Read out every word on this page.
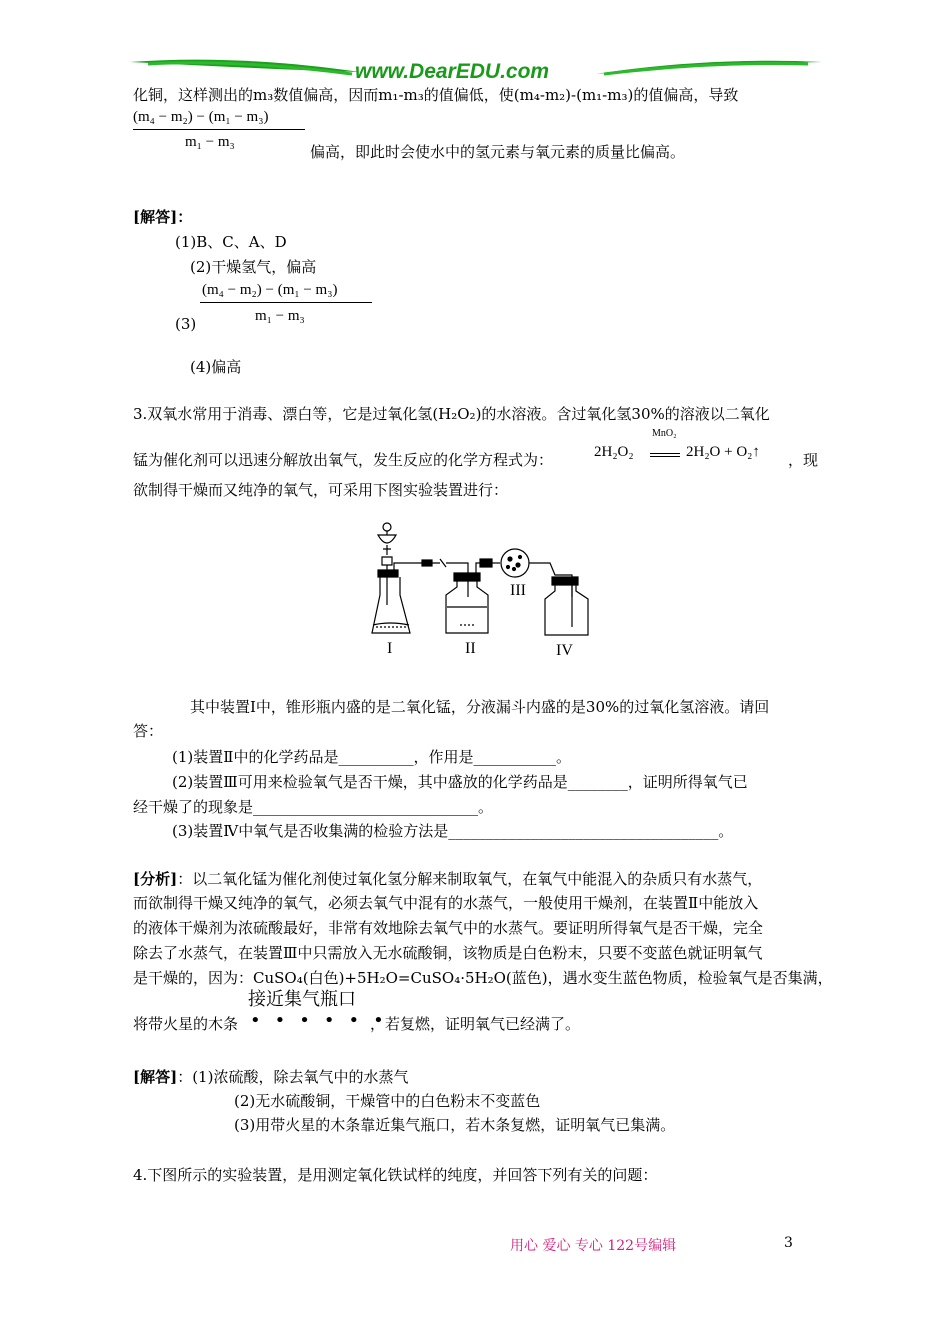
www.DearEDU.com
化铜，这样测出的m₃数值偏高，因而m₁-m₃的值偏低，使(m₄-m₂)-(m₁-m₃)的值偏高，导致
(m₄ − m₂) − (m₁ − m₃)
m₁ − m₃
偏高，即此时会使水中的氢元素与氧元素的质量比偏高。
[解答]：
(1)B、C、A、D
(2)干燥氢气，偏高
(m₄ − m₂) − (m₁ − m₃)
(3)	m₁ − m₃
(4)偏高
3.双氧水常用于消毒、漂白等，它是过氧化氢(H₂O₂)的水溶液。含过氧化氢30%的溶液以二氧化
锰为催化剂可以迅速分解放出氧气，发生反应的化学方程式为：	2H₂O₂
MnO₂
2H₂O + O₂↑ ，现
欲制得干燥而又纯净的氧气，可采用下图实验装置进行：
I	II
III
IV
其中装置Ⅰ中，锥形瓶内盛的是二氧化锰，分液漏斗内盛的是30%的过氧化氢溶液。请回
答：
(1)装置Ⅱ中的化学药品是__________，作用是___________。
(2)装置Ⅲ可用来检验氧气是否干燥，其中盛放的化学药品是________，证明所得氧气已
经干燥了的现象是______________________________。
(3)装置Ⅳ中氧气是否收集满的检验方法是____________________________________。
[分析]：以二氧化锰为催化剂使过氧化氢分解来制取氧气，在氧气中能混入的杂质只有水蒸气，
而欲制得干燥又纯净的氧气，必须去氧气中混有的水蒸气，一般使用干燥剂，在装置Ⅱ中能放入
的液体干燥剂为浓硫酸最好，非常有效地除去氧气中的水蒸气。要证明所得氧气是否干燥，完全
除去了水蒸气，在装置Ⅲ中只需放入无水硫酸铜，该物质是白色粉末，只要不变蓝色就证明氧气
是干燥的，因为：CuSO₄(白色)+5H₂O=CuSO₄·5H₂O(蓝色)，遇水变生蓝色物质，检验氧气是否集满，
接近集气瓶口
将带火星的木条 ••••••
，若复燃，证明氧气已经满了。
[解答]：(1)浓硫酸，除去氧气中的水蒸气
(2)无水硫酸铜，干燥管中的白色粉末不变蓝色
(3)用带火星的木条靠近集气瓶口，若木条复燃，证明氧气已集满。
4.下图所示的实验装置，是用测定氧化铁试样的纯度，并回答下列有关的问题：
用心 爱心 专心 122号编辑	3
